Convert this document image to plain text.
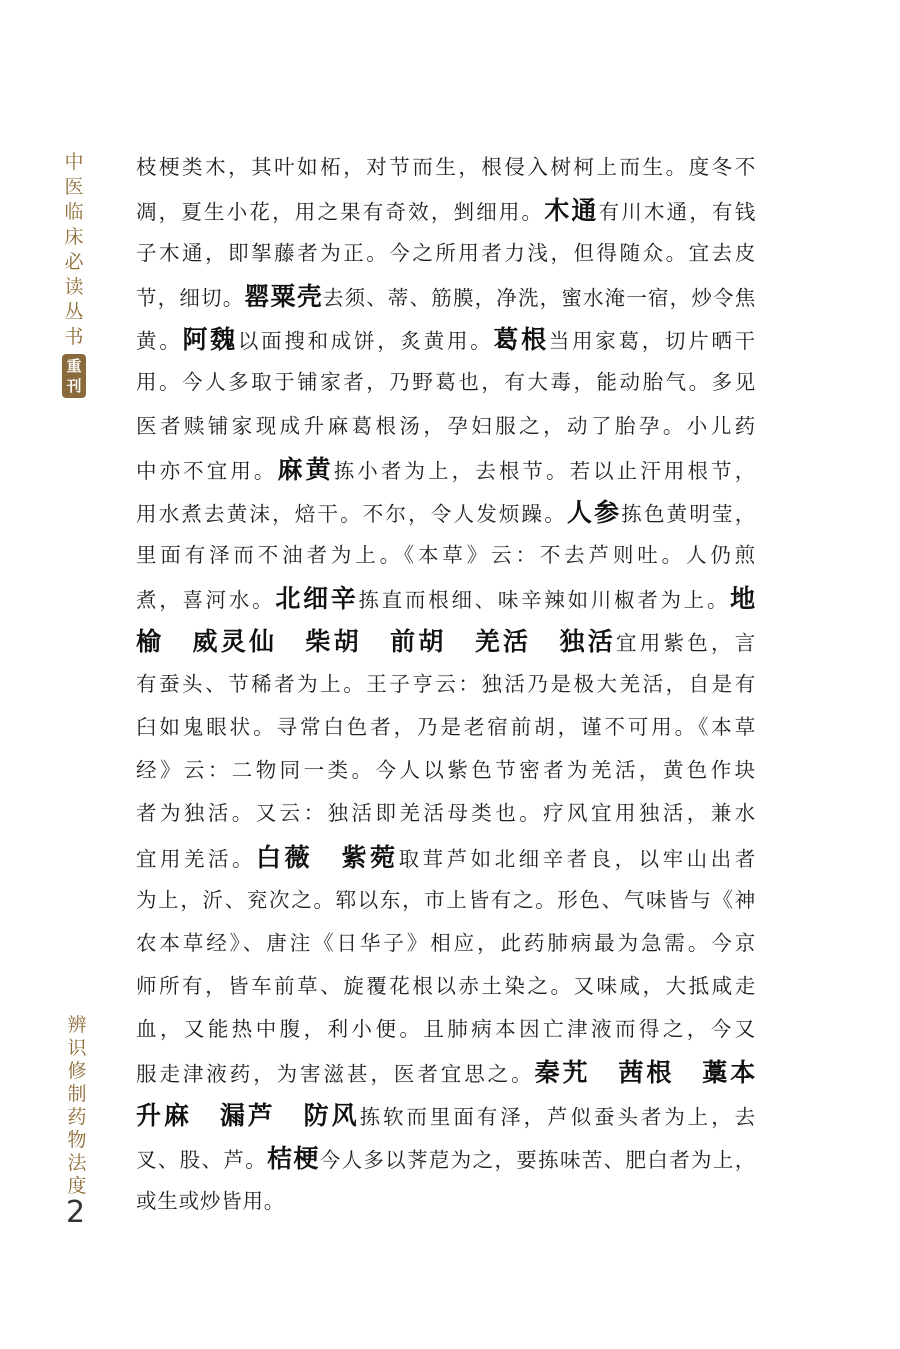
中医临床必读丛书
重
刊
辨识修制药物法度
2
枝梗类木，其叶如柘，对节而生，根侵入树柯上而生。度冬不
凋，夏生小花，用之果有奇效，剉细用。木通有川木通，有钱
子木通，即挐藤者为正。今之所用者力浅，但得随众。宜去皮
节，细切。罂粟壳去须、蒂、筋膜，净洗，蜜水淹一宿，炒令焦
黄。阿魏以面搜和成饼，炙黄用。葛根当用家葛，切片晒干
用。今人多取于铺家者，乃野葛也，有大毒，能动胎气。多见
医者赎铺家现成升麻葛根汤，孕妇服之，动了胎孕。小儿药
中亦不宜用。麻黄拣小者为上，去根节。若以止汗用根节，
用水煮去黄沫，焙干。不尔，令人发烦躁。人参拣色黄明莹，
里面有泽而不油者为上。《本草》云：不去芦则吐。人仍煎
煮，喜河水。北细辛拣直而根细、味辛辣如川椒者为上。地
榆　威灵仙　柴胡　前胡　羌活　独活宜用紫色，言
有蚕头、节稀者为上。王子亨云：独活乃是极大羌活，自是有
臼如鬼眼状。寻常白色者，乃是老宿前胡，谨不可用。《本草
经》云：二物同一类。今人以紫色节密者为羌活，黄色作块
者为独活。又云：独活即羌活母类也。疗风宜用独活，兼水
宜用羌活。白薇　紫菀取茸芦如北细辛者良，以牢山出者
为上，沂、兖次之。郓以东，市上皆有之。形色、气味皆与《神
农本草经》、唐注《日华子》相应，此药肺病最为急需。今京
师所有，皆车前草、旋覆花根以赤土染之。又味咸，大抵咸走
血，又能热中腹，利小便。且肺病本因亡津液而得之，今又
服走津液药，为害滋甚，医者宜思之。秦艽　茜根　藁本
升麻　漏芦　防风拣软而里面有泽，芦似蚕头者为上，去
叉、股、芦。桔梗今人多以荠苨为之，要拣味苦、肥白者为上，
或生或炒皆用。
